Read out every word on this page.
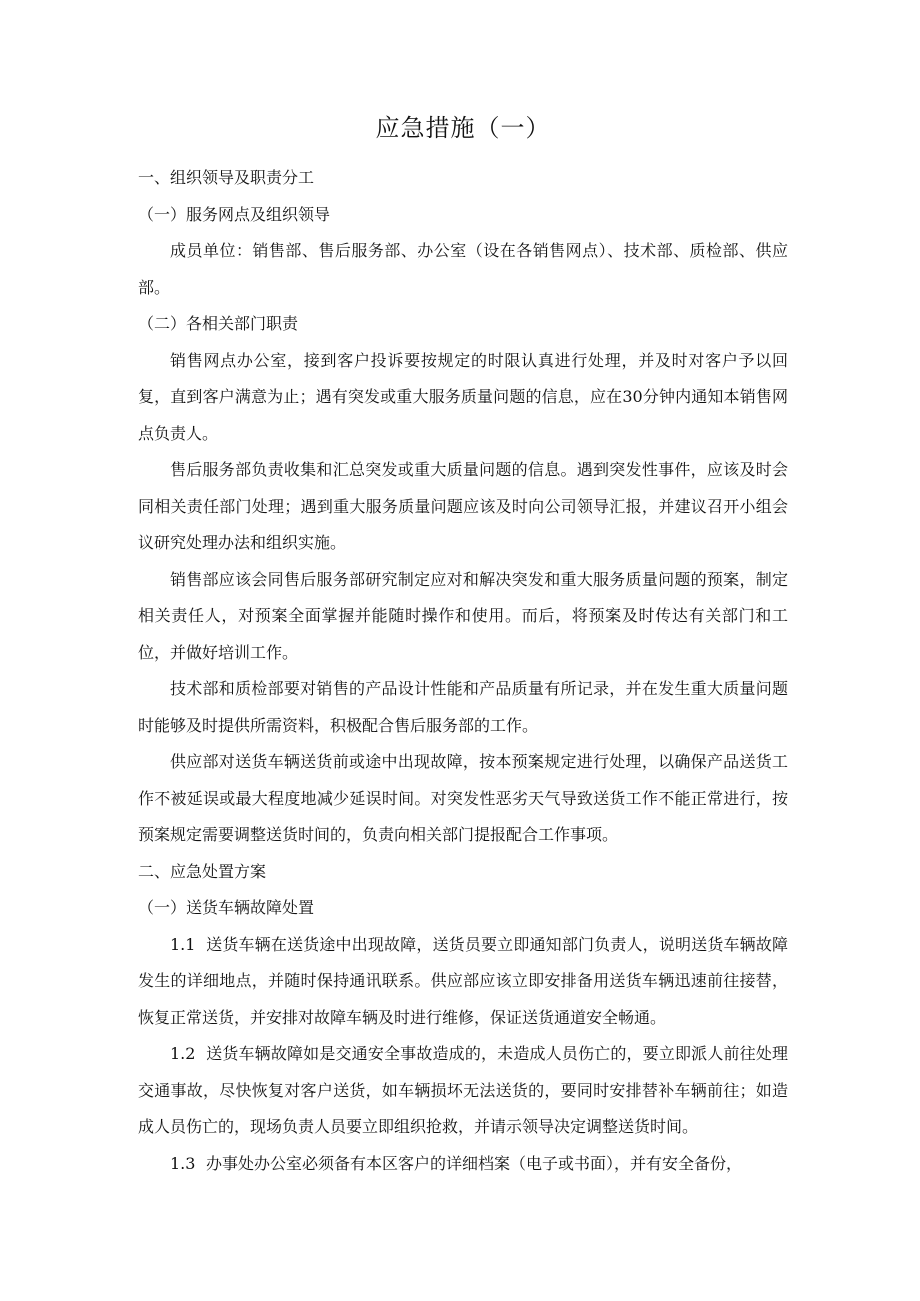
应急措施（一）

一、组织领导及职责分工

（一）服务网点及组织领导

成员单位：销售部、售后服务部、办公室（设在各销售网点）、技术部、质检部、供应部。

（二）各相关部门职责

销售网点办公室，接到客户投诉要按规定的时限认真进行处理，并及时对客户予以回复，直到客户满意为止；遇有突发或重大服务质量问题的信息，应在30分钟内通知本销售网点负责人。

售后服务部负责收集和汇总突发或重大质量问题的信息。遇到突发性事件，应该及时会同相关责任部门处理；遇到重大服务质量问题应该及时向公司领导汇报，并建议召开小组会议研究处理办法和组织实施。

销售部应该会同售后服务部研究制定应对和解决突发和重大服务质量问题的预案，制定相关责任人，对预案全面掌握并能随时操作和使用。而后，将预案及时传达有关部门和工位，并做好培训工作。

技术部和质检部要对销售的产品设计性能和产品质量有所记录，并在发生重大质量问题时能够及时提供所需资料，积极配合售后服务部的工作。

供应部对送货车辆送货前或途中出现故障，按本预案规定进行处理，以确保产品送货工作不被延误或最大程度地减少延误时间。对突发性恶劣天气导致送货工作不能正常进行，按预案规定需要调整送货时间的，负责向相关部门提报配合工作事项。

二、应急处置方案

（一）送货车辆故障处置

1.1 送货车辆在送货途中出现故障，送货员要立即通知部门负责人，说明送货车辆故障发生的详细地点，并随时保持通讯联系。供应部应该立即安排备用送货车辆迅速前往接替，恢复正常送货，并安排对故障车辆及时进行维修，保证送货通道安全畅通。

1.2 送货车辆故障如是交通安全事故造成的，未造成人员伤亡的，要立即派人前往处理交通事故，尽快恢复对客户送货，如车辆损坏无法送货的，要同时安排替补车辆前往；如造成人员伤亡的，现场负责人员要立即组织抢救，并请示领导决定调整送货时间。

1.3 办事处办公室必须备有本区客户的详细档案（电子或书面），并有安全备份，
